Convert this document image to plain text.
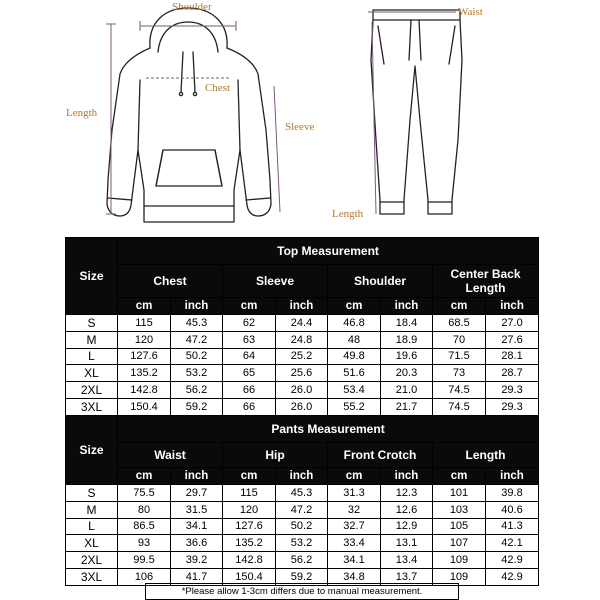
Shoulder
Chest
Length
Sleeve
Waist
Length
Size	Top Measurement							
	Chest		Sleeve		Shoulder		Center Back Length	
	cm	inch	cm	inch	cm	inch	cm	inch
S	115	45.3	62	24.4	46.8	18.4	68.5	27.0
M	120	47.2	63	24.8	48	18.9	70	27.6
L	127.6	50.2	64	25.2	49.8	19.6	71.5	28.1
XL	135.2	53.2	65	25.6	51.6	20.3	73	28.7
2XL	142.8	56.2	66	26.0	53.4	21.0	74.5	29.3
3XL	150.4	59.2	66	26.0	55.2	21.7	74.5	29.3
Size	Pants Measurement							
	Waist		Hip		Front Crotch		Length	
	cm	inch	cm	inch	cm	inch	cm	inch
S	75.5	29.7	115	45.3	31.3	12.3	101	39.8
M	80	31.5	120	47.2	32	12.6	103	40.6
L	86.5	34.1	127.6	50.2	32.7	12.9	105	41.3
XL	93	36.6	135.2	53.2	33.4	13.1	107	42.1
2XL	99.5	39.2	142.8	56.2	34.1	13.4	109	42.9
3XL	106	41.7	150.4	59.2	34.8	13.7	109	42.9
*Please allow 1-3cm differs due to manual measurement.
